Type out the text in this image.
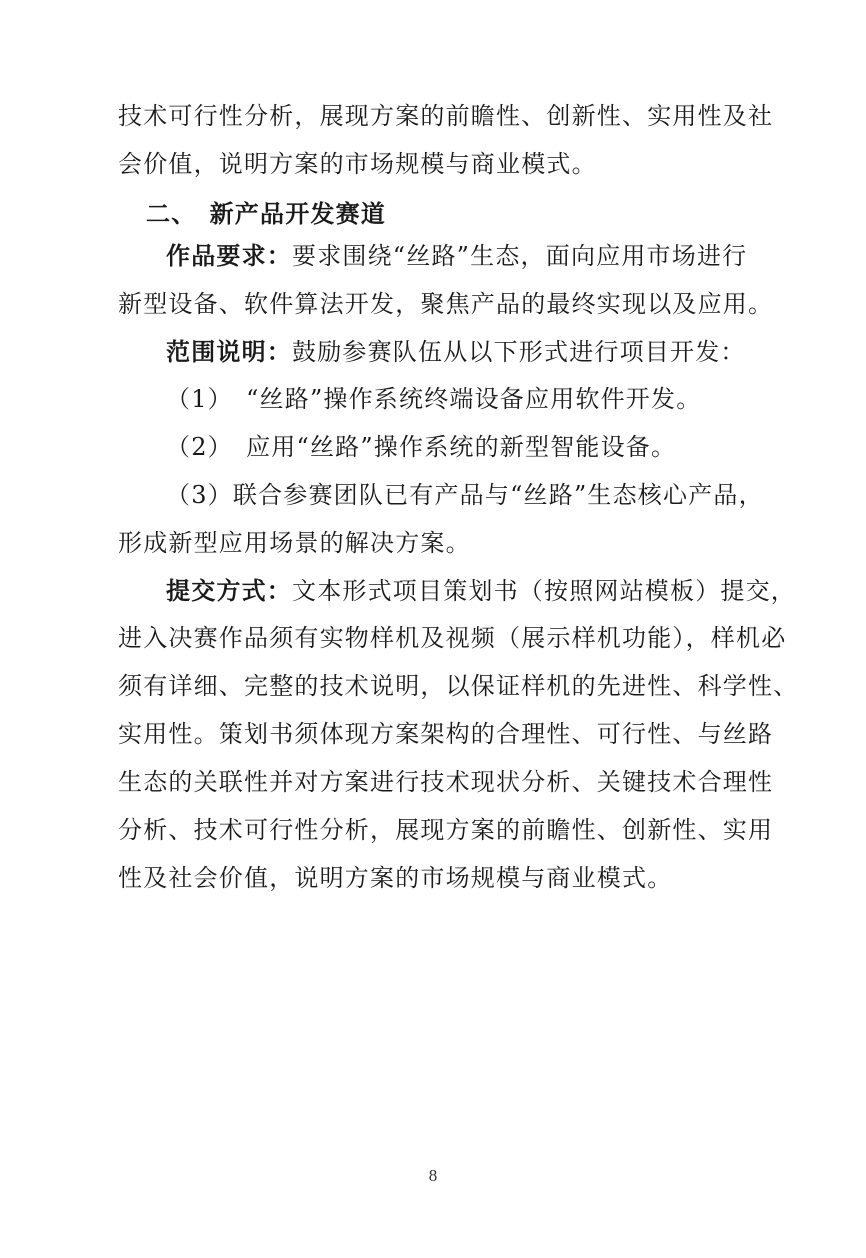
技术可行性分析，展现方案的前瞻性、创新性、实用性及社
会价值，说明方案的市场规模与商业模式。
二、　新产品开发赛道
作品要求：要求围绕“丝路”生态，面向应用市场进行
新型设备、软件算法开发，聚焦产品的最终实现以及应用。
范围说明：鼓励参赛队伍从以下形式进行项目开发：
（1）　“丝路”操作系统终端设备应用软件开发。
（2）　应用“丝路”操作系统的新型智能设备。
（3）联合参赛团队已有产品与“丝路”生态核心产品，
形成新型应用场景的解决方案。
提交方式：文本形式项目策划书（按照网站模板）提交，
进入决赛作品须有实物样机及视频（展示样机功能），样机必
须有详细、完整的技术说明，以保证样机的先进性、科学性、
实用性。策划书须体现方案架构的合理性、可行性、与丝路
生态的关联性并对方案进行技术现状分析、关键技术合理性
分析、技术可行性分析，展现方案的前瞻性、创新性、实用
性及社会价值，说明方案的市场规模与商业模式。
8
